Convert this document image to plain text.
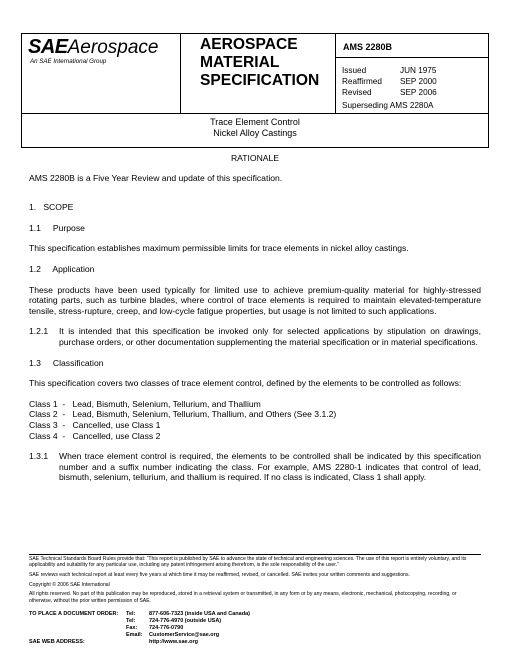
SAEAerospace
An SAE International Group
AEROSPACE
MATERIAL
SPECIFICATION
AMS 2280B
Issued	JUN 1975
Reaffirmed SEP 2000
Revised	SEP 2006
Superseding AMS 2280A
Trace Element Control
Nickel Alloy Castings

RATIONALE

AMS 2280B is a Five Year Review and update of this specification.

1.   SCOPE

1.1     Purpose

This specification establishes maximum permissible limits for trace elements in nickel alloy castings.

1.2     Application

These products have been used typically for limited use to achieve premium-quality material for highly-stressed rotating parts, such as turbine blades, where control of trace elements is required to maintain elevated-temperature tensile, stress-rupture, creep, and low-cycle fatigue properties, but usage is not limited to such applications.

1.2.1	It is intended that this specification be invoked only for selected applications by stipulation on drawings, purchase orders, or other documentation supplementing the material specification or in material specifications.

1.3     Classification

This specification covers two classes of trace element control, defined by the elements to be controlled as follows:

Class 1  -   Lead, Bismuth, Selenium, Tellurium, and Thallium
Class 2  -   Lead, Bismuth, Selenium, Tellurium, Thallium, and Others (See 3.1.2)
Class 3  -   Cancelled, use Class 1
Class 4  -   Cancelled, use Class 2
1.3.1	When trace element control is required, the elements to be controlled shall be indicated by this specification number and a suffix number indicating the class. For example, AMS 2280-1 indicates that control of lead, bismuth, selenium, tellurium, and thallium is required. If no class is indicated, Class 1 shall apply.

SAE Technical Standards Board Rules provide that: “This report is published by SAE to advance the state of technical and engineering sciences. The use of this report is entirely voluntary, and its applicability and suitability for any particular use, including any patent infringement arising therefrom, is the sole responsibility of the user.”

SAE reviews each technical report at least every five years at which time it may be reaffirmed, revised, or cancelled. SAE invites your written comments and suggestions.

Copyright © 2006 SAE International

All rights reserved. No part of this publication may be reproduced, stored in a retrieval system or transmitted, in any form or by any means, electronic, mechanical, photocopying, recording, or otherwise, without the prior written permission of SAE.

TO PLACE A DOCUMENT ORDER: Tel: 877-606-7323 (inside USA and Canada)
Tel: 724-776-4970 (outside USA)
Fax: 724-776-0790
Email: CustomerService@sae.org
SAE WEB ADDRESS:	http://www.sae.org
